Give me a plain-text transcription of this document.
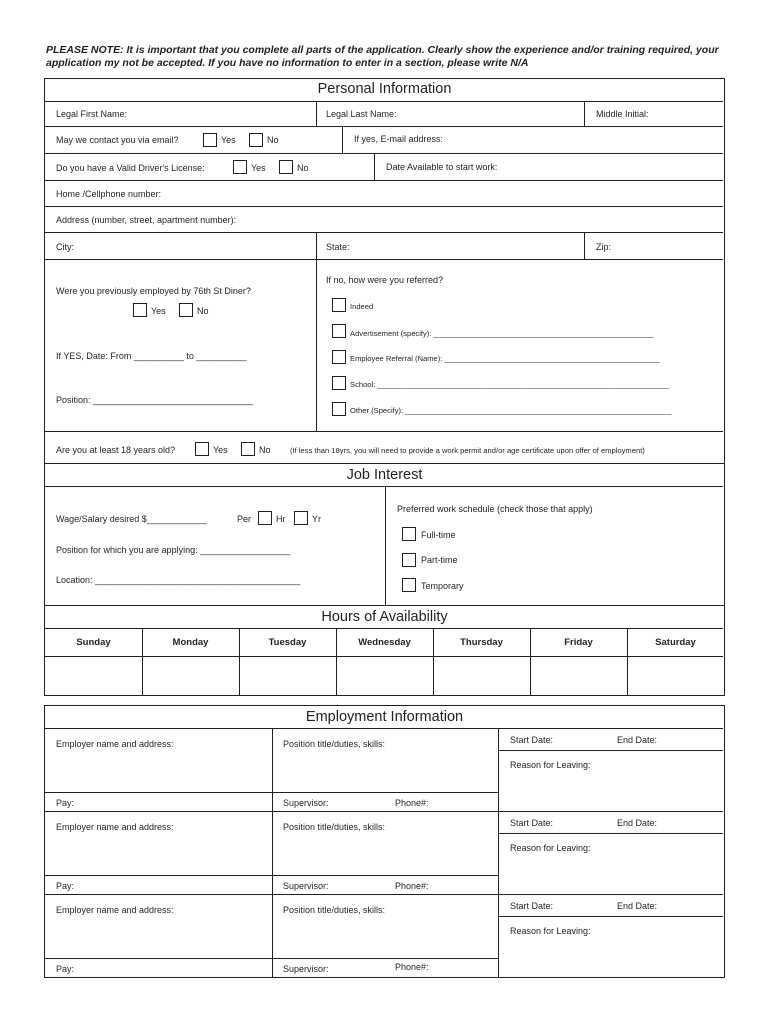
PLEASE NOTE: It is important that you complete all parts of the application. Clearly show the experience and/or training required, your application my not be accepted. If you have no information to enter in a section, please write N/A
Personal Information
Legal First Name:	Legal Last Name:	Middle Initial:
May we contact you via email?	Yes	No	If yes, E-mail address:
Do you have a Valid Driver's License:	Yes	No	Date Available to start work:
Home /Cellphone number:
Address (number, street, apartment number):
City:	State:	Zip:
Were you previously employed by 76th St Diner?
Yes	No
If YES, Date: From __________ to __________
Position: ________________________________
If no, how were you referred?
Indeed
Advertisement (specify): ____________________________________________________
Employee Referral (Name): ___________________________________________________
School: _____________________________________________________________________
Other (Specify): _______________________________________________________________
Are you at least 18 years old?	Yes	No	(If less than 18yrs, you will need to provide a work permit and/or age certificate upon offer of employment)
Job Interest
Wage/Salary desired $____________	Per	Hr	Yr
Position for which you are applying: __________________
Location: _________________________________________
Preferred work schedule (check those that apply)
Full-time
Part-time
Temporary
Hours of Availability
Sunday	Monday	Tuesday	Wednesday	Thursday	Friday	Saturday
Employment Information
Employer name and address:	Position title/duties, skills:	Start Date:	End Date:
Reason for Leaving:
Pay:	Supervisor:	Phone#:
Employer name and address:	Position title/duties, skills:	Start Date:	End Date:
Reason for Leaving:
Pay:	Supervisor:	Phone#:
Employer name and address:	Position title/duties, skills:	Start Date:	End Date:
Reason for Leaving:
Pay:	Supervisor:	Phone#:
